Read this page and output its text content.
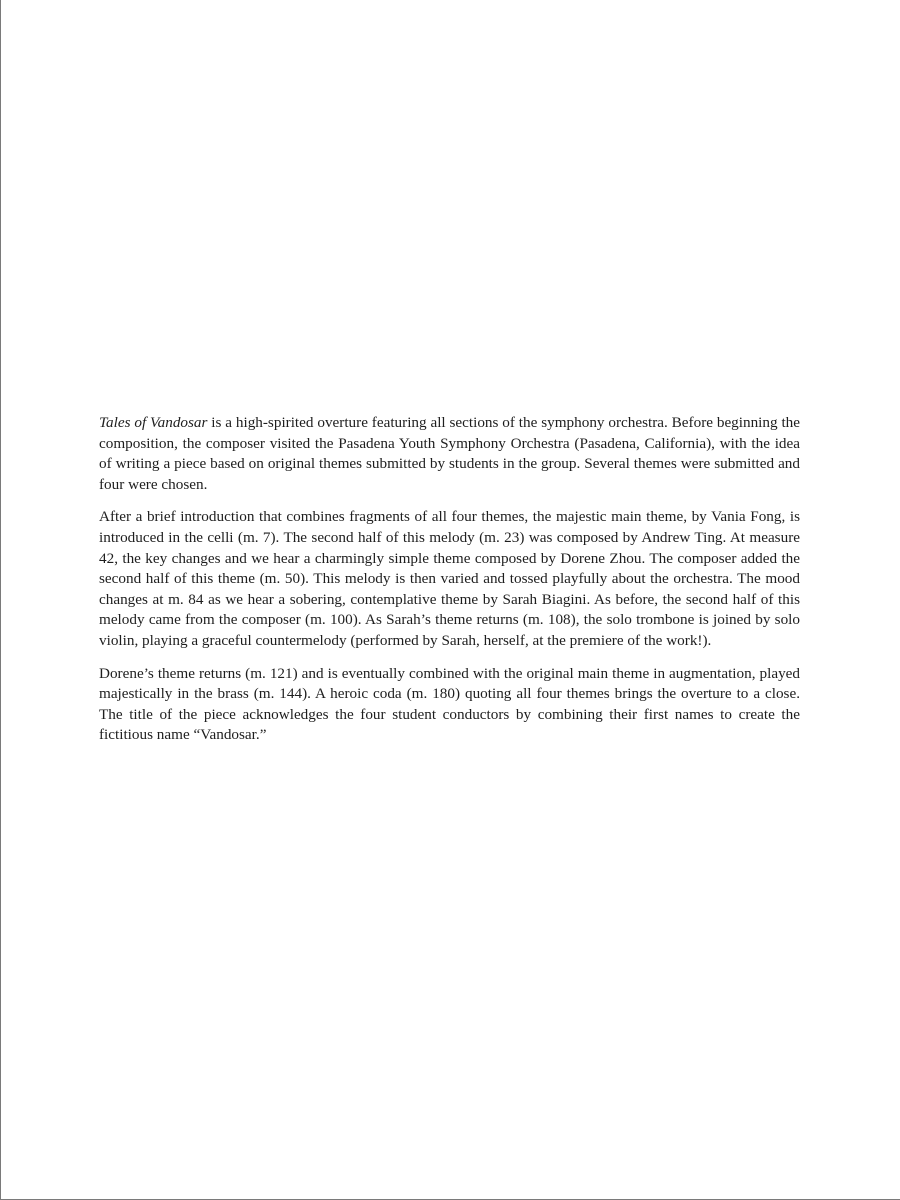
Tales of Vandosar is a high-spirited overture featuring all sections of the symphony orchestra. Before beginning the composition, the composer visited the Pasadena Youth Symphony Orchestra (Pasadena, California), with the idea of writing a piece based on original themes submitted by students in the group. Several themes were submitted and four were chosen.

After a brief introduction that combines fragments of all four themes, the majestic main theme, by Vania Fong, is introduced in the celli (m. 7). The second half of this melody (m. 23) was composed by Andrew Ting. At measure 42, the key changes and we hear a charmingly simple theme composed by Dorene Zhou. The composer added the second half of this theme (m. 50). This melody is then varied and tossed playfully about the orchestra. The mood changes at m. 84 as we hear a sobering, contemplative theme by Sarah Biagini. As before, the second half of this melody came from the composer (m. 100). As Sarah’s theme returns (m. 108), the solo trombone is joined by solo violin, playing a graceful countermelody (performed by Sarah, herself, at the premiere of the work!).

Dorene’s theme returns (m. 121) and is eventually combined with the original main theme in augmentation, played majestically in the brass (m. 144). A heroic coda (m. 180) quoting all four themes brings the overture to a close. The title of the piece acknowledges the four student conductors by combining their first names to create the fictitious name “Vandosar.”
